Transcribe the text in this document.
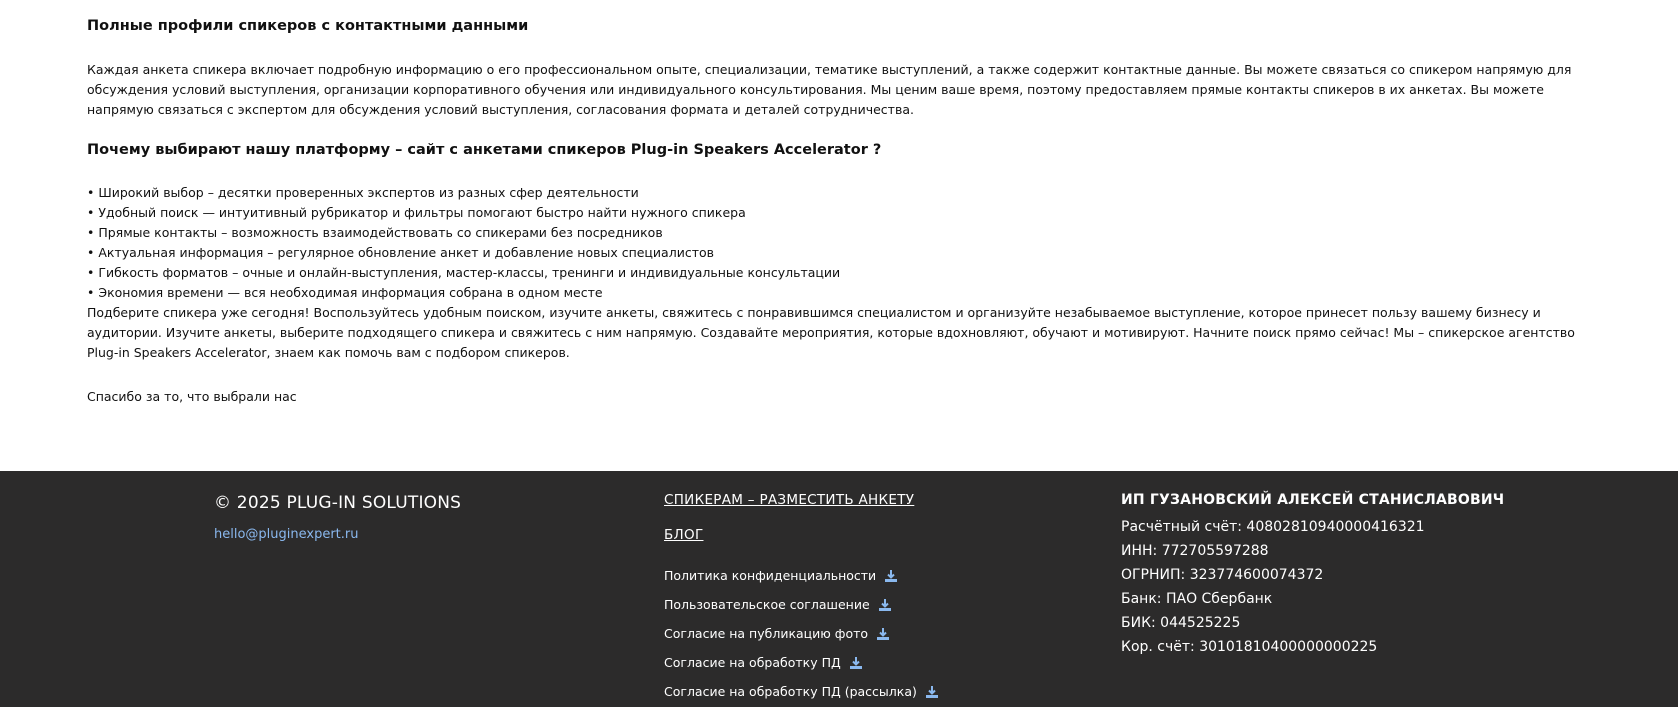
Полные профили спикеров с контактными данными

Каждая анкета спикера включает подробную информацию о его профессиональном опыте, специализации, тематике выступлений, а также содержит контактные данные. Вы можете связаться со спикером напрямую для обсуждения условий выступления, организации корпоративного обучения или индивидуального консультирования. Мы ценим ваше время, поэтому предоставляем прямые контакты спикеров в их анкетах. Вы можете напрямую связаться с экспертом для обсуждения условий выступления, согласования формата и деталей сотрудничества.

Почему выбирают нашу платформу – сайт с анкетами спикеров Plug-in Speakers Accelerator ?
• Широкий выбор – десятки проверенных экспертов из разных сфер деятельности
• Удобный поиск — интуитивный рубрикатор и фильтры помогают быстро найти нужного спикера
• Прямые контакты – возможность взаимодействовать со спикерами без посредников
• Актуальная информация – регулярное обновление анкет и добавление новых специалистов
• Гибкость форматов – очные и онлайн-выступления, мастер-классы, тренинги и индивидуальные консультации
• Экономия времени — вся необходимая информация собрана в одном месте

Подберите спикера уже сегодня! Воспользуйтесь удобным поиском, изучите анкеты, свяжитесь с понравившимся специалистом и организуйте незабываемое выступление, которое принесет пользу вашему бизнесу и аудитории. Изучите анкеты, выберите подходящего спикера и свяжитесь с ним напрямую. Создавайте мероприятия, которые вдохновляют, обучают и мотивируют. Начните поиск прямо сейчас! Мы – спикерское агентство Plug-in Speakers Accelerator, знаем как помочь вам с подбором спикеров.

Спасибо за то, что выбрали нас

© 2025 PLUG-IN SOLUTIONS
hello@pluginexpert.ru
СПИКЕРАМ – РАЗМЕСТИТЬ АНКЕТУ
БЛОГ
Политика конфиденциальности
Пользовательское соглашение
Согласие на публикацию фото
Согласие на обработку ПД
Согласие на обработку ПД (рассылка)
ИП ГУЗАНОВСКИЙ АЛЕКСЕЙ СТАНИСЛАВОВИЧ
Расчётный счёт: 40802810940000416321
ИНН: 772705597288
ОГРНИП: 323774600074372
Банк: ПАО Сбербанк
БИК: 044525225
Кор. счёт: 30101810400000000225
